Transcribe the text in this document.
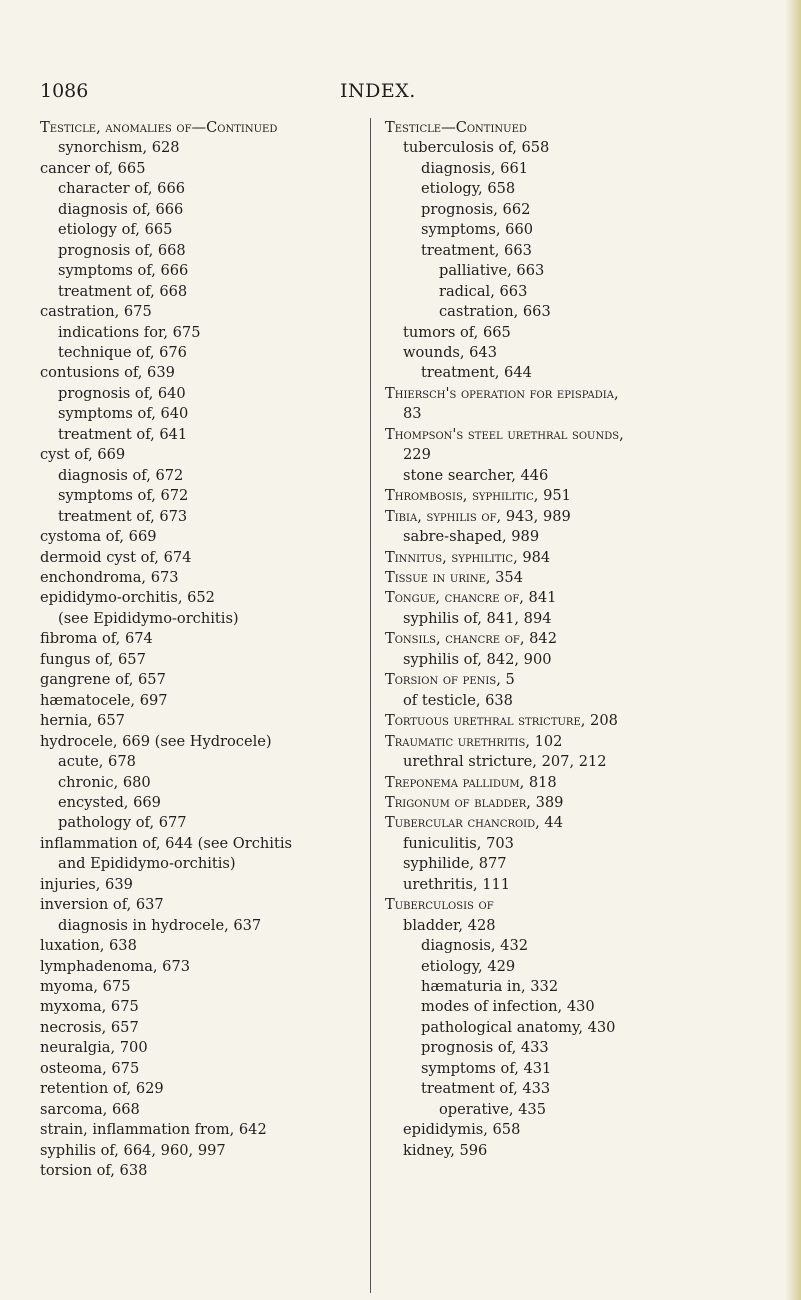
1086	INDEX.
Testicle, anomalies of—Continued
synorchism, 628
cancer of, 665
character of, 666
diagnosis of, 666
etiology of, 665
prognosis of, 668
symptoms of, 666
treatment of, 668
castration, 675
indications for, 675
technique of, 676
contusions of, 639
prognosis of, 640
symptoms of, 640
treatment of, 641
cyst of, 669
diagnosis of, 672
symptoms of, 672
treatment of, 673
cystoma of, 669
dermoid cyst of, 674
enchondroma, 673
epididymo-orchitis, 652
(see Epididymo-orchitis)
fibroma of, 674
fungus of, 657
gangrene of, 657
hæmatocele, 697
hernia, 657
hydrocele, 669 (see Hydrocele)
acute, 678
chronic, 680
encysted, 669
pathology of, 677
inflammation of, 644 (see Orchitis
and Epididymo-orchitis)
injuries, 639
inversion of, 637
diagnosis in hydrocele, 637
luxation, 638
lymphadenoma, 673
myoma, 675
myxoma, 675
necrosis, 657
neuralgia, 700
osteoma, 675
retention of, 629
sarcoma, 668
strain, inflammation from, 642
syphilis of, 664, 960, 997
torsion of, 638
Testicle—Continued
tuberculosis of, 658
diagnosis, 661
etiology, 658
prognosis, 662
symptoms, 660
treatment, 663
palliative, 663
radical, 663
castration, 663
tumors of, 665
wounds, 643
treatment, 644
Thiersch's operation for epispadia,
83
Thompson's steel urethral sounds,
229
stone searcher, 446
Thrombosis, syphilitic, 951
Tibia, syphilis of, 943, 989
sabre-shaped, 989
Tinnitus, syphilitic, 984
Tissue in urine, 354
Tongue, chancre of, 841
syphilis of, 841, 894
Tonsils, chancre of, 842
syphilis of, 842, 900
Torsion of penis, 5
of testicle, 638
Tortuous urethral stricture, 208
Traumatic urethritis, 102
urethral stricture, 207, 212
Treponema pallidum, 818
Trigonum of bladder, 389
Tubercular chancroid, 44
funiculitis, 703
syphilide, 877
urethritis, 111
Tuberculosis of
bladder, 428
diagnosis, 432
etiology, 429
hæmaturia in, 332
modes of infection, 430
pathological anatomy, 430
prognosis of, 433
symptoms of, 431
treatment of, 433
operative, 435
epididymis, 658
kidney, 596
